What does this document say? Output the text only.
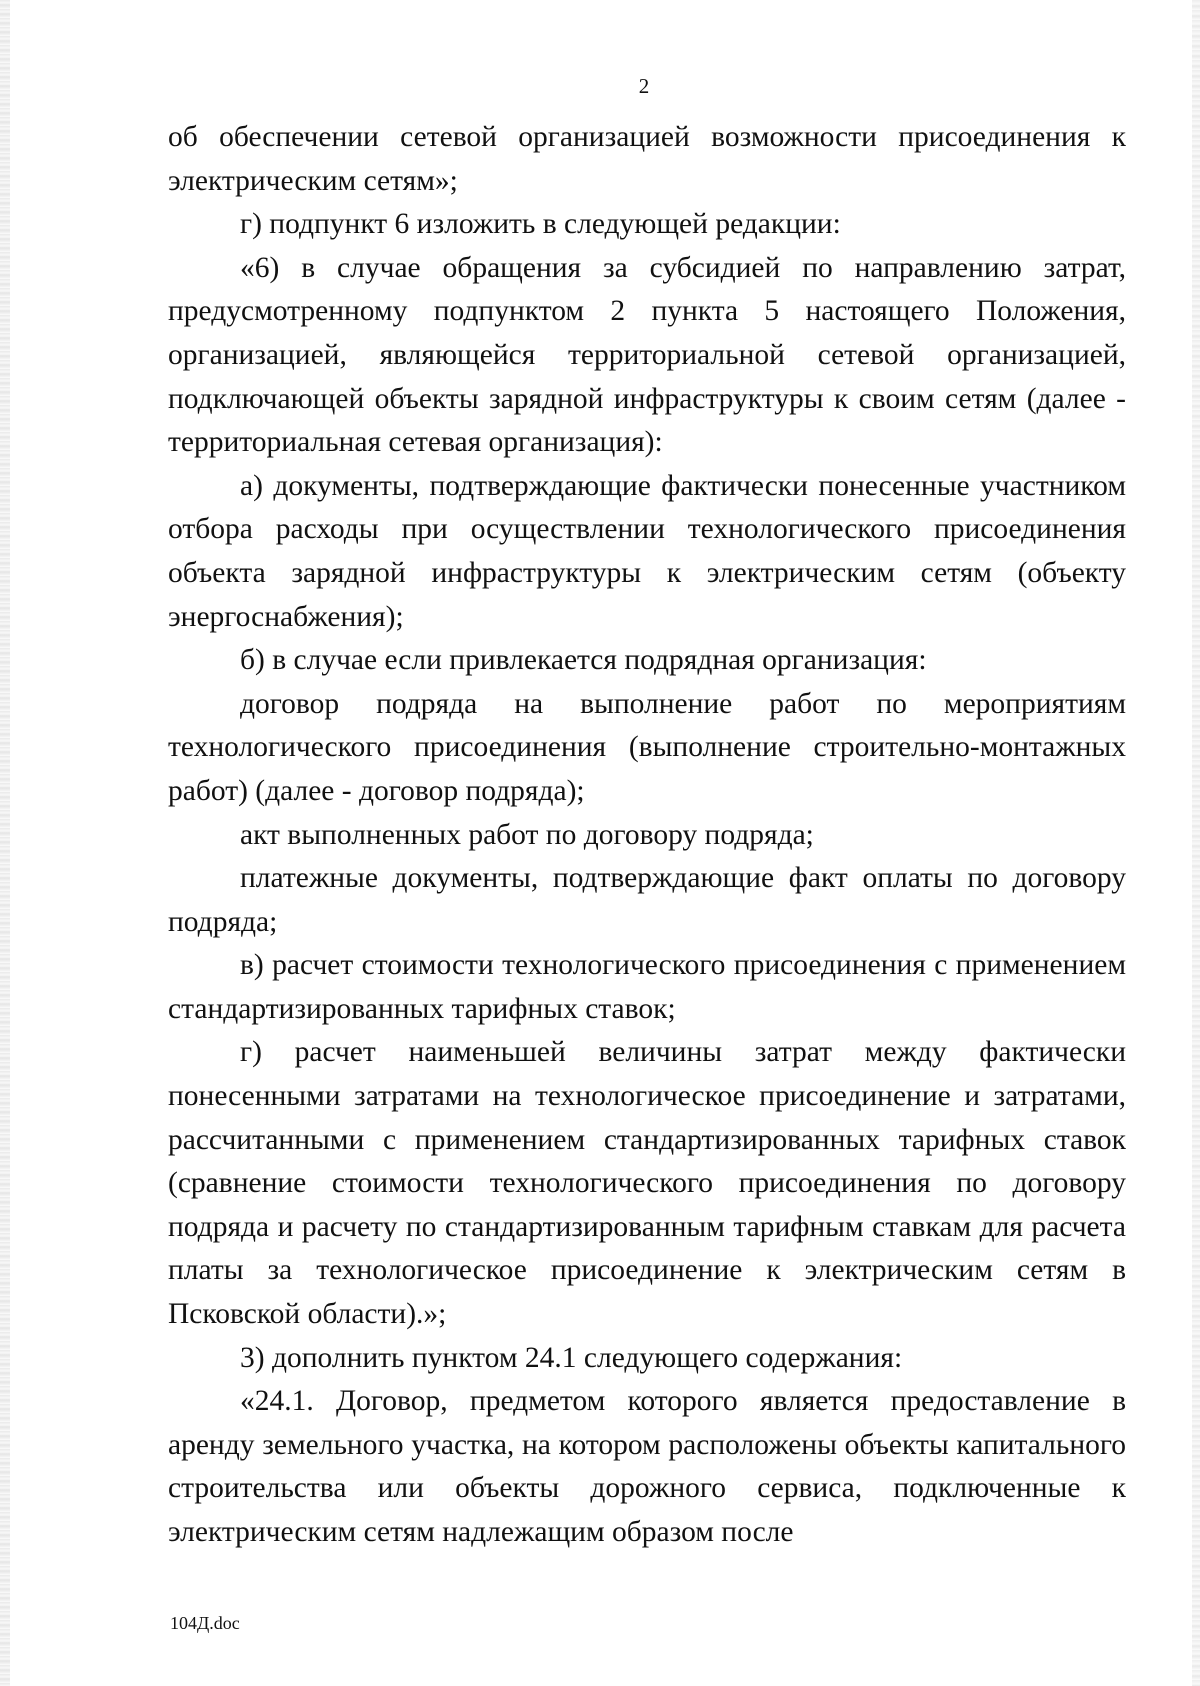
2

об обеспечении сетевой организацией возможности присоединения к электрическим сетям»;

г) подпункт 6 изложить в следующей редакции:

«6) в случае обращения за субсидией по направлению затрат, предусмотренному подпунктом 2 пункта 5 настоящего Положения, организацией, являющейся территориальной сетевой организацией, подключающей объекты зарядной инфраструктуры к своим сетям (далее - территориальная сетевая организация):

а) документы, подтверждающие фактически понесенные участником отбора расходы при осуществлении технологического присоединения объекта зарядной инфраструктуры к электрическим сетям (объекту энергоснабжения);

б) в случае если привлекается подрядная организация:

договор подряда на выполнение работ по мероприятиям технологического присоединения (выполнение строительно-монтажных работ) (далее - договор подряда);

акт выполненных работ по договору подряда;

платежные документы, подтверждающие факт оплаты по договору подряда;

в) расчет стоимости технологического присоединения с применением стандартизированных тарифных ставок;

г) расчет наименьшей величины затрат между фактически понесенными затратами на технологическое присоединение и затратами, рассчитанными с применением стандартизированных тарифных ставок (сравнение стоимости технологического присоединения по договору подряда и расчету по стандартизированным тарифным ставкам для расчета платы за технологическое присоединение к электрическим сетям в Псковской области).»;

3) дополнить пунктом 24.1 следующего содержания:

«24.1. Договор, предметом которого является предоставление в аренду земельного участка, на котором расположены объекты капитального строительства или объекты дорожного сервиса, подключенные к электрическим сетям надлежащим образом после

104Д.doc
